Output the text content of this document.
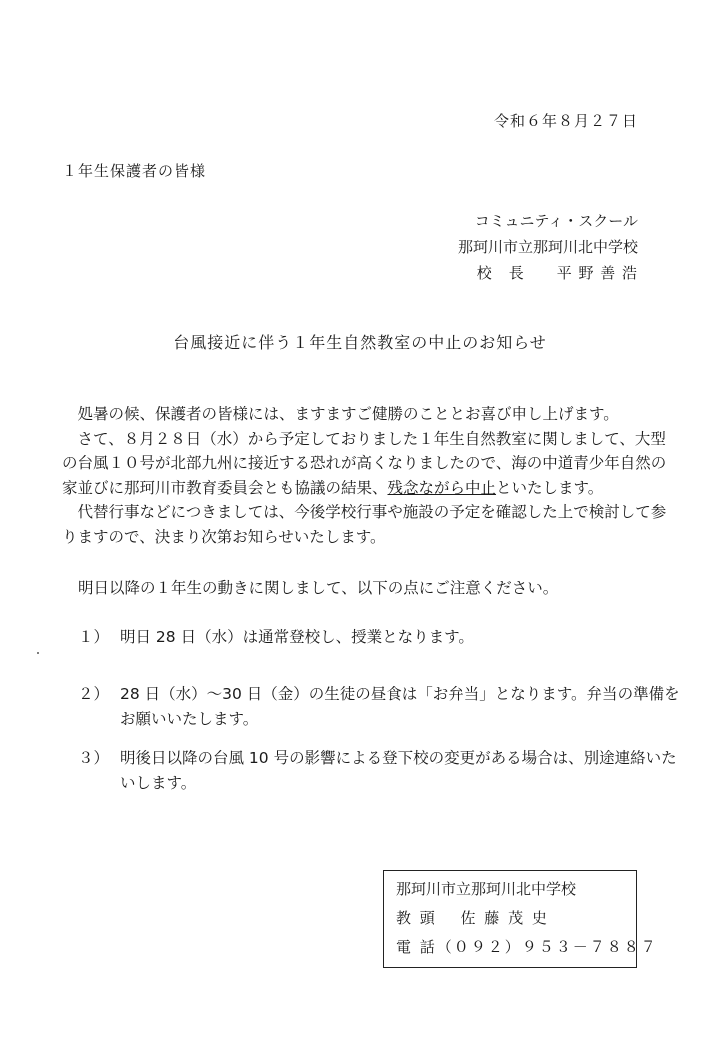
令和６年８月２７日
１年生保護者の皆様
コミュニティ・スクール
那珂川市立那珂川北中学校
校　長　　平 野 善 浩
台風接近に伴う１年生自然教室の中止のお知らせ

処暑の候、保護者の皆様には、ますますご健勝のこととお喜び申し上げます。

さて、８月２８日（水）から予定しておりました１年生自然教室に関しまして、大型

の台風１０号が北部九州に接近する恐れが高くなりましたので、海の中道青少年自然の

家並びに那珂川市教育委員会とも協議の結果、残念ながら中止といたします。

代替行事などにつきましては、今後学校行事や施設の予定を確認した上で検討して参

りますので、決まり次第お知らせいたします。

明日以降の１年生の動きに関しまして、以下の点にご注意ください。
１） 明日 28 日（水）は通常登校し、授業となります。
２） 28 日（水）～30 日（金）の生徒の昼食は「お弁当」となります。弁当の準備を
お願いいたします。
３） 明後日以降の台風 10 号の影響による登下校の変更がある場合は、別途連絡いた
いします。
那珂川市立那珂川北中学校
教 頭　 佐 藤 茂 史
電 話（０９２）９５３－７８８７
